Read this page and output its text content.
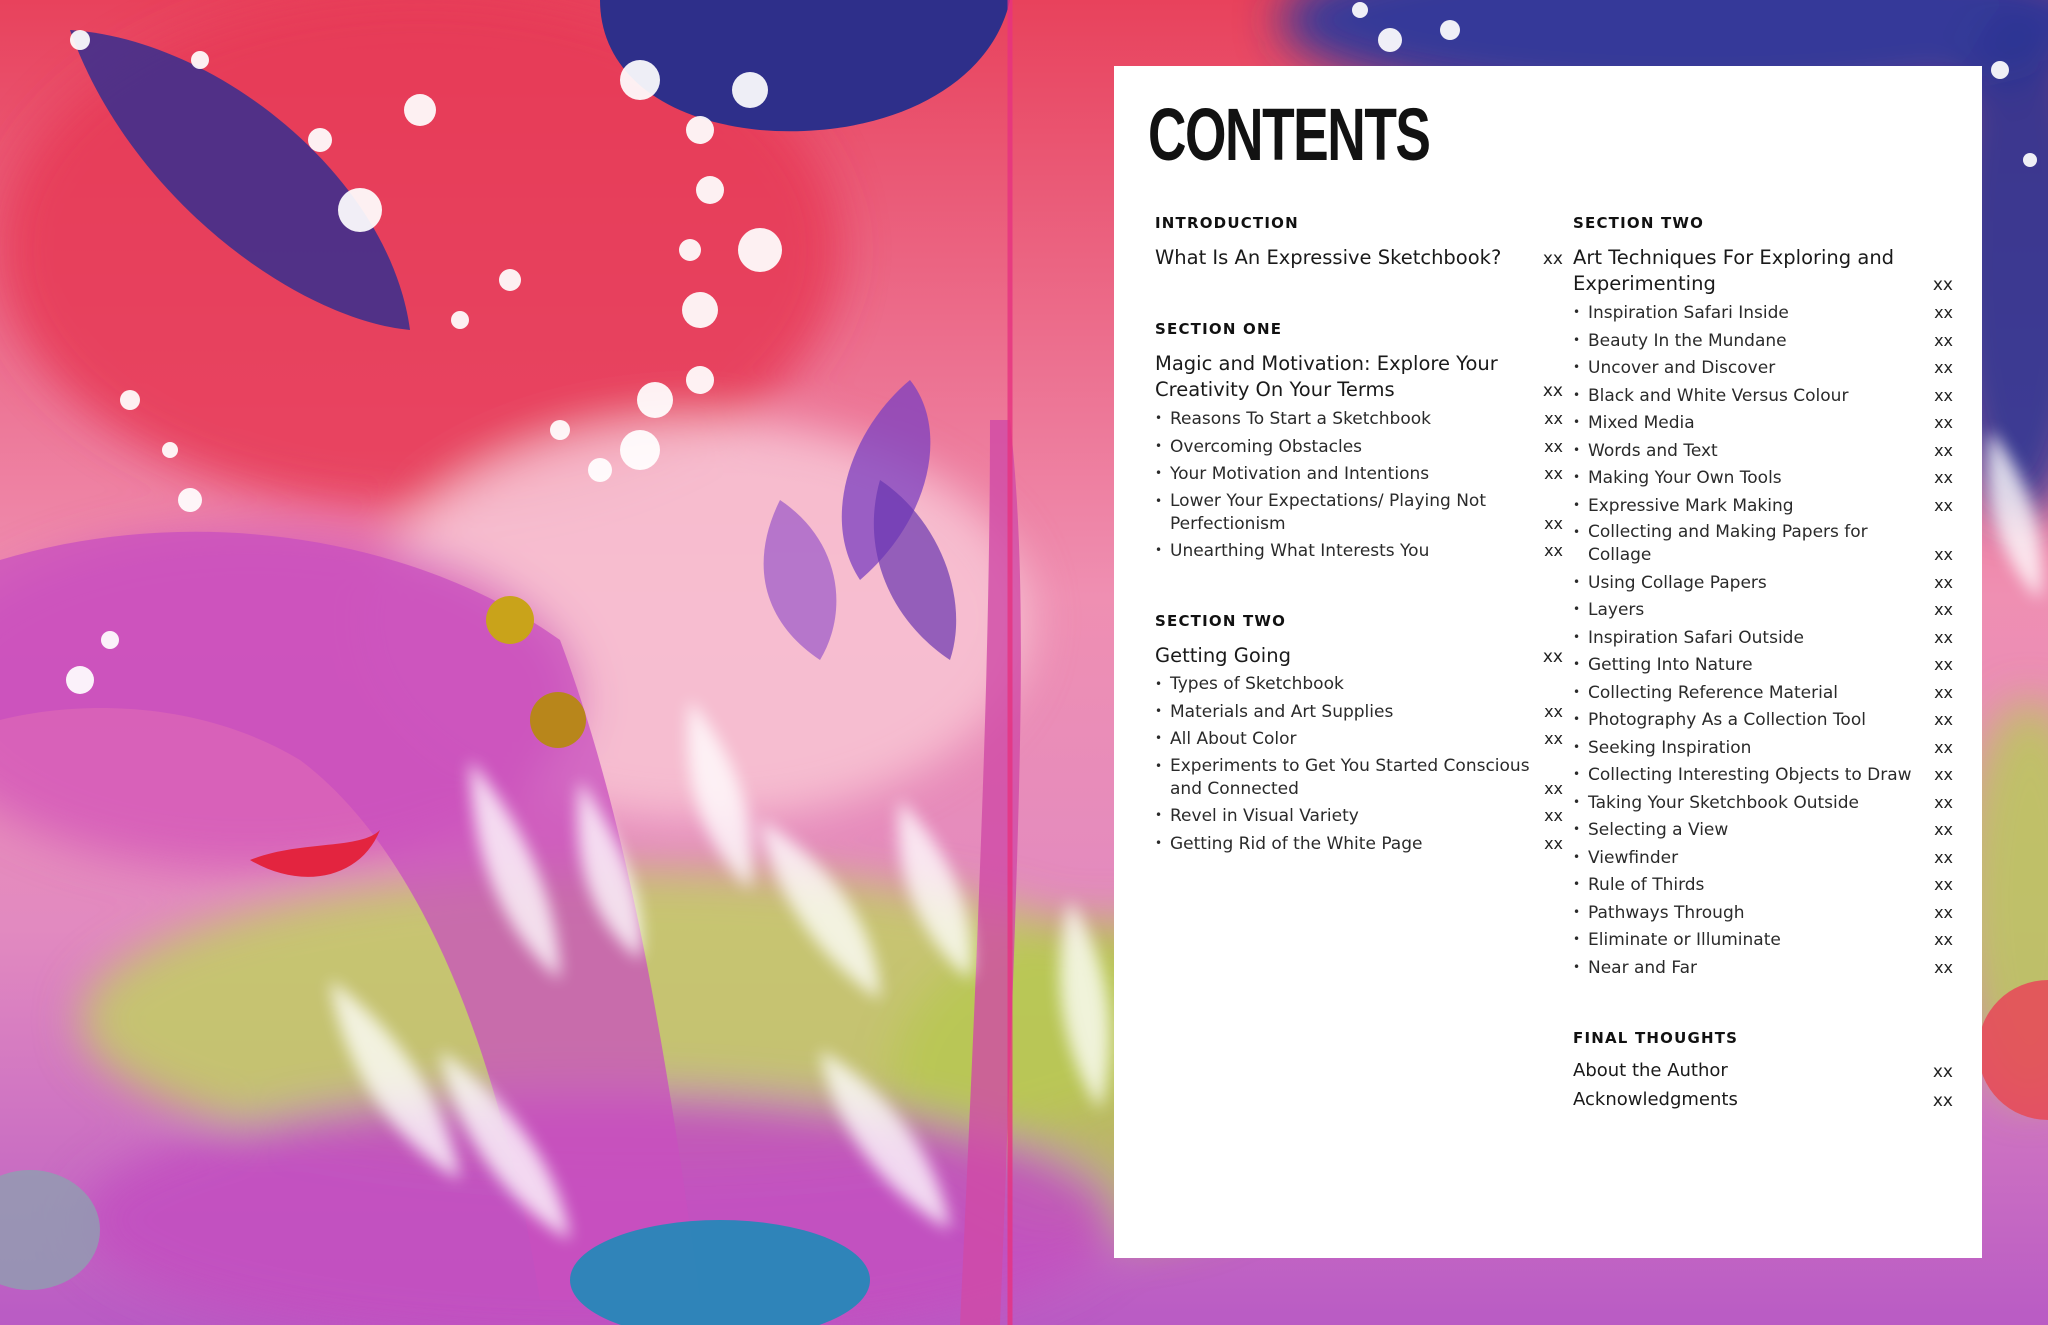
CONTENTS
INTRODUCTION
What Is An Expressive Sketchbook?	xx
SECTION ONE
Magic and Motivation: Explore Your Creativity On Your Terms	xx
• Reasons To Start a Sketchbook	xx
• Overcoming Obstacles	xx
• Your Motivation and Intentions	xx
• Lower Your Expectations/ Playing Not Perfectionism	xx
• Unearthing What Interests You	xx
SECTION TWO
Getting Going	xx
• Types of Sketchbook
• Materials and Art Supplies	xx
• All About Color	xx
• Experiments to Get You Started Conscious and Connected	xx
• Revel in Visual Variety	xx
• Getting Rid of the White Page	xx
SECTION TWO
Art Techniques For Exploring and Experimenting	xx
• Inspiration Safari Inside	xx
• Beauty In the Mundane	xx
• Uncover and Discover	xx
• Black and White Versus Colour	xx
• Mixed Media	xx
• Words and Text	xx
• Making Your Own Tools	xx
• Expressive Mark Making	xx
• Collecting and Making Papers for Collage	xx
• Using Collage Papers	xx
• Layers	xx
• Inspiration Safari Outside	xx
• Getting Into Nature	xx
• Collecting Reference Material	xx
• Photography As a Collection Tool	xx
• Seeking Inspiration	xx
• Collecting Interesting Objects to Draw	xx
• Taking Your Sketchbook Outside	xx
• Selecting a View	xx
• Viewfinder	xx
• Rule of Thirds	xx
• Pathways Through	xx
• Eliminate or Illuminate	xx
• Near and Far	xx
FINAL THOUGHTS
About the Author	xx
Acknowledgments	xx
